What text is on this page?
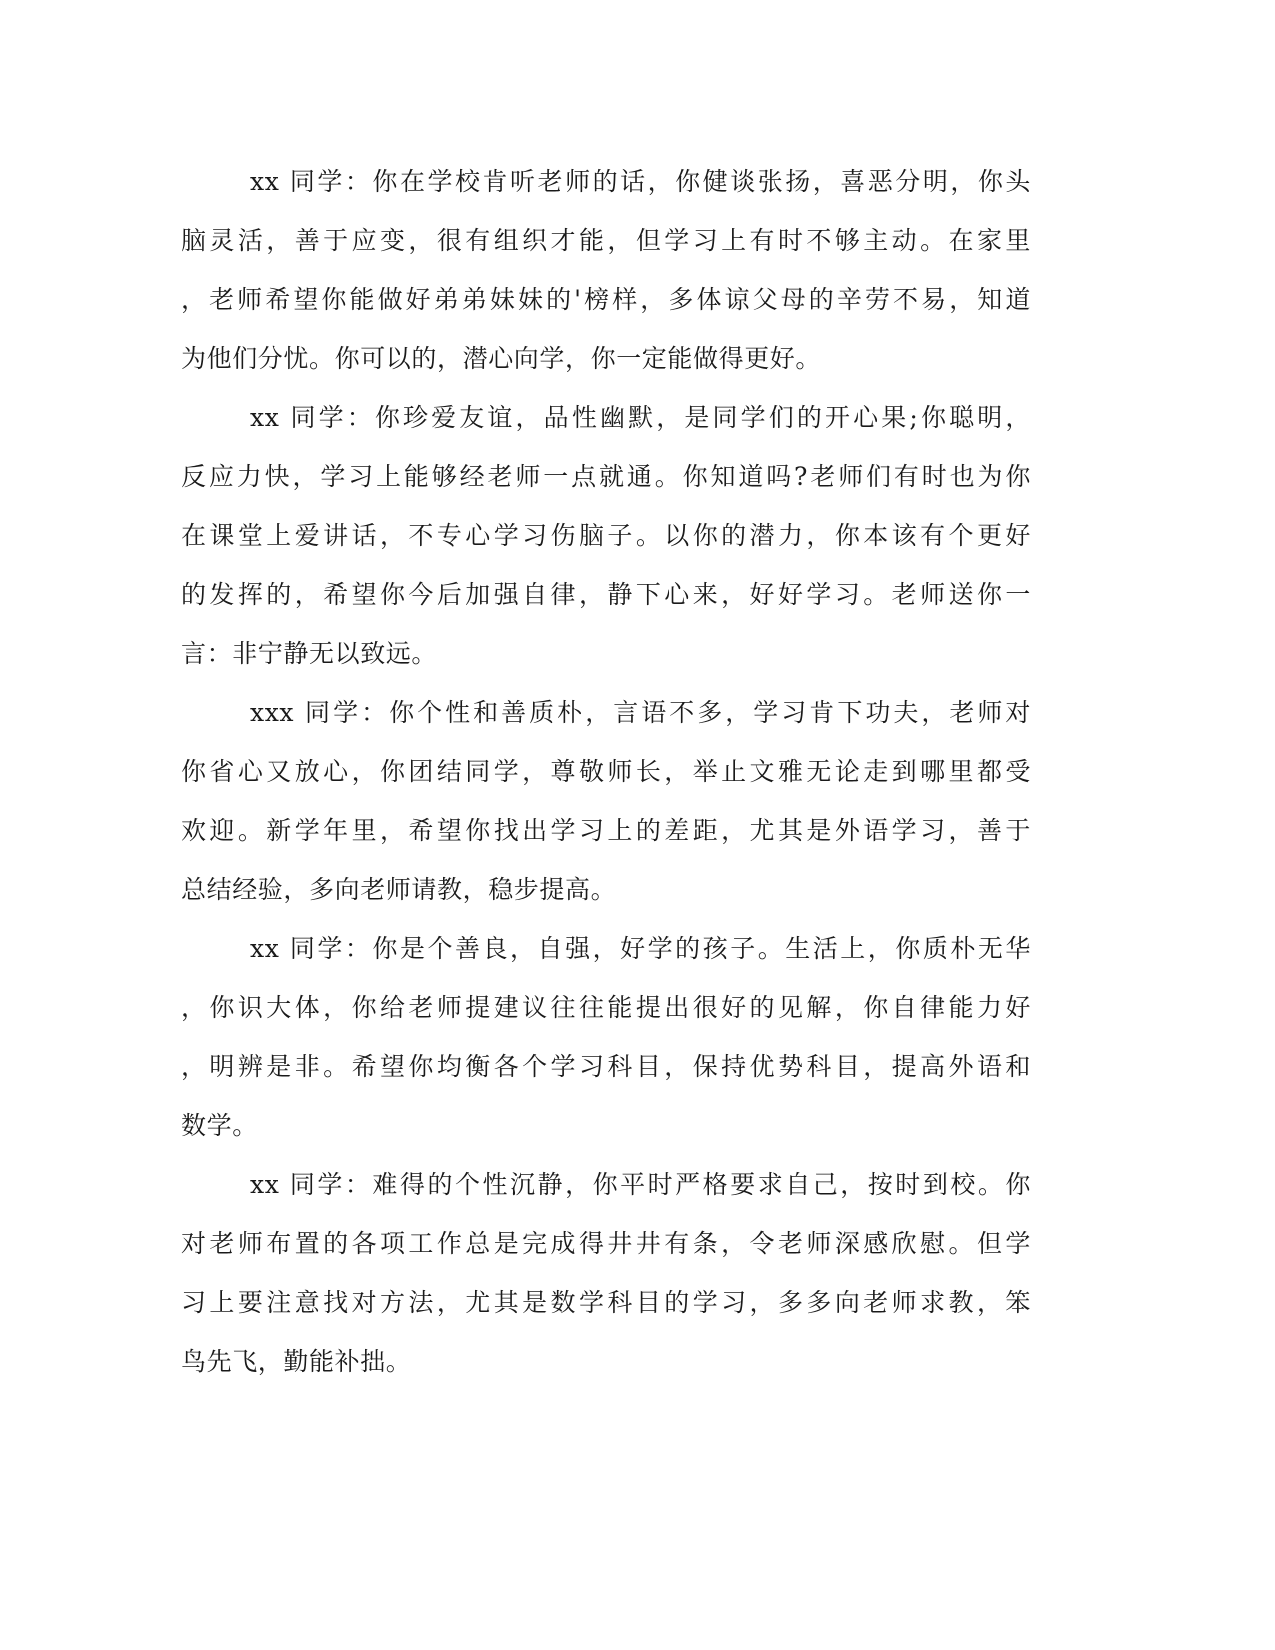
xx 同学：你在学校肯听老师的话，你健谈张扬，喜恶分明，你头
脑灵活，善于应变，很有组织才能，但学习上有时不够主动。在家里
，老师希望你能做好弟弟妹妹的'榜样，多体谅父母的辛劳不易，知道
为他们分忧。你可以的，潜心向学，你一定能做得更好。

xx 同学：你珍爱友谊，品性幽默，是同学们的开心果;你聪明，
反应力快，学习上能够经老师一点就通。你知道吗?老师们有时也为你
在课堂上爱讲话，不专心学习伤脑子。以你的潜力，你本该有个更好
的发挥的，希望你今后加强自律，静下心来，好好学习。老师送你一
言：非宁静无以致远。

xxx 同学：你个性和善质朴，言语不多，学习肯下功夫，老师对
你省心又放心，你团结同学，尊敬师长，举止文雅无论走到哪里都受
欢迎。新学年里，希望你找出学习上的差距，尤其是外语学习，善于
总结经验，多向老师请教，稳步提高。

xx 同学：你是个善良，自强，好学的孩子。生活上，你质朴无华
，你识大体，你给老师提建议往往能提出很好的见解，你自律能力好
，明辨是非。希望你均衡各个学习科目，保持优势科目，提高外语和
数学。

xx 同学：难得的个性沉静，你平时严格要求自己，按时到校。你
对老师布置的各项工作总是完成得井井有条，令老师深感欣慰。但学
习上要注意找对方法，尤其是数学科目的学习，多多向老师求教，笨
鸟先飞，勤能补拙。
